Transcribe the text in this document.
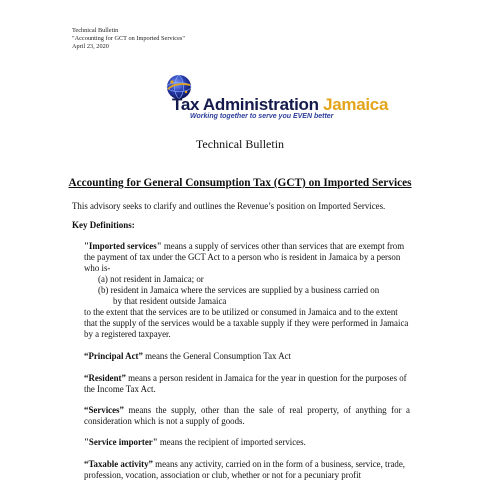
Technical Bulletin
"Accounting for GCT on Imported Services"
April 23, 2020
Tax Administration Jamaica
Working together to serve you EVEN better
Technical Bulletin
Accounting for General Consumption Tax (GCT) on Imported Services

This advisory seeks to clarify and outlines the Revenue’s position on Imported Services.

Key Definitions:

"Imported services" means a supply of services other than services that are exempt from the payment of tax under the GCT Act to a person who is resident in Jamaica by a person who is-

(a) not resident in Jamaica; or

(b) resident in Jamaica where the services are supplied by a business carried on

by that resident outside Jamaica

to the extent that the services are to be utilized or consumed in Jamaica and to the extent that the supply of the services would be a taxable supply if they were performed in Jamaica by a registered taxpayer.

“Principal Act” means the General Consumption Tax Act

“Resident” means a person resident in Jamaica for the year in question for the purposes of the Income Tax Act.

“Services” means the supply, other than the sale of real property, of anything for a consideration which is not a supply of goods.

"Service importer" means the recipient of imported services.

“Taxable activity” means any activity, carried on in the form of a business, service, trade, profession, vocation, association or club, whether or not for a pecuniary profit
